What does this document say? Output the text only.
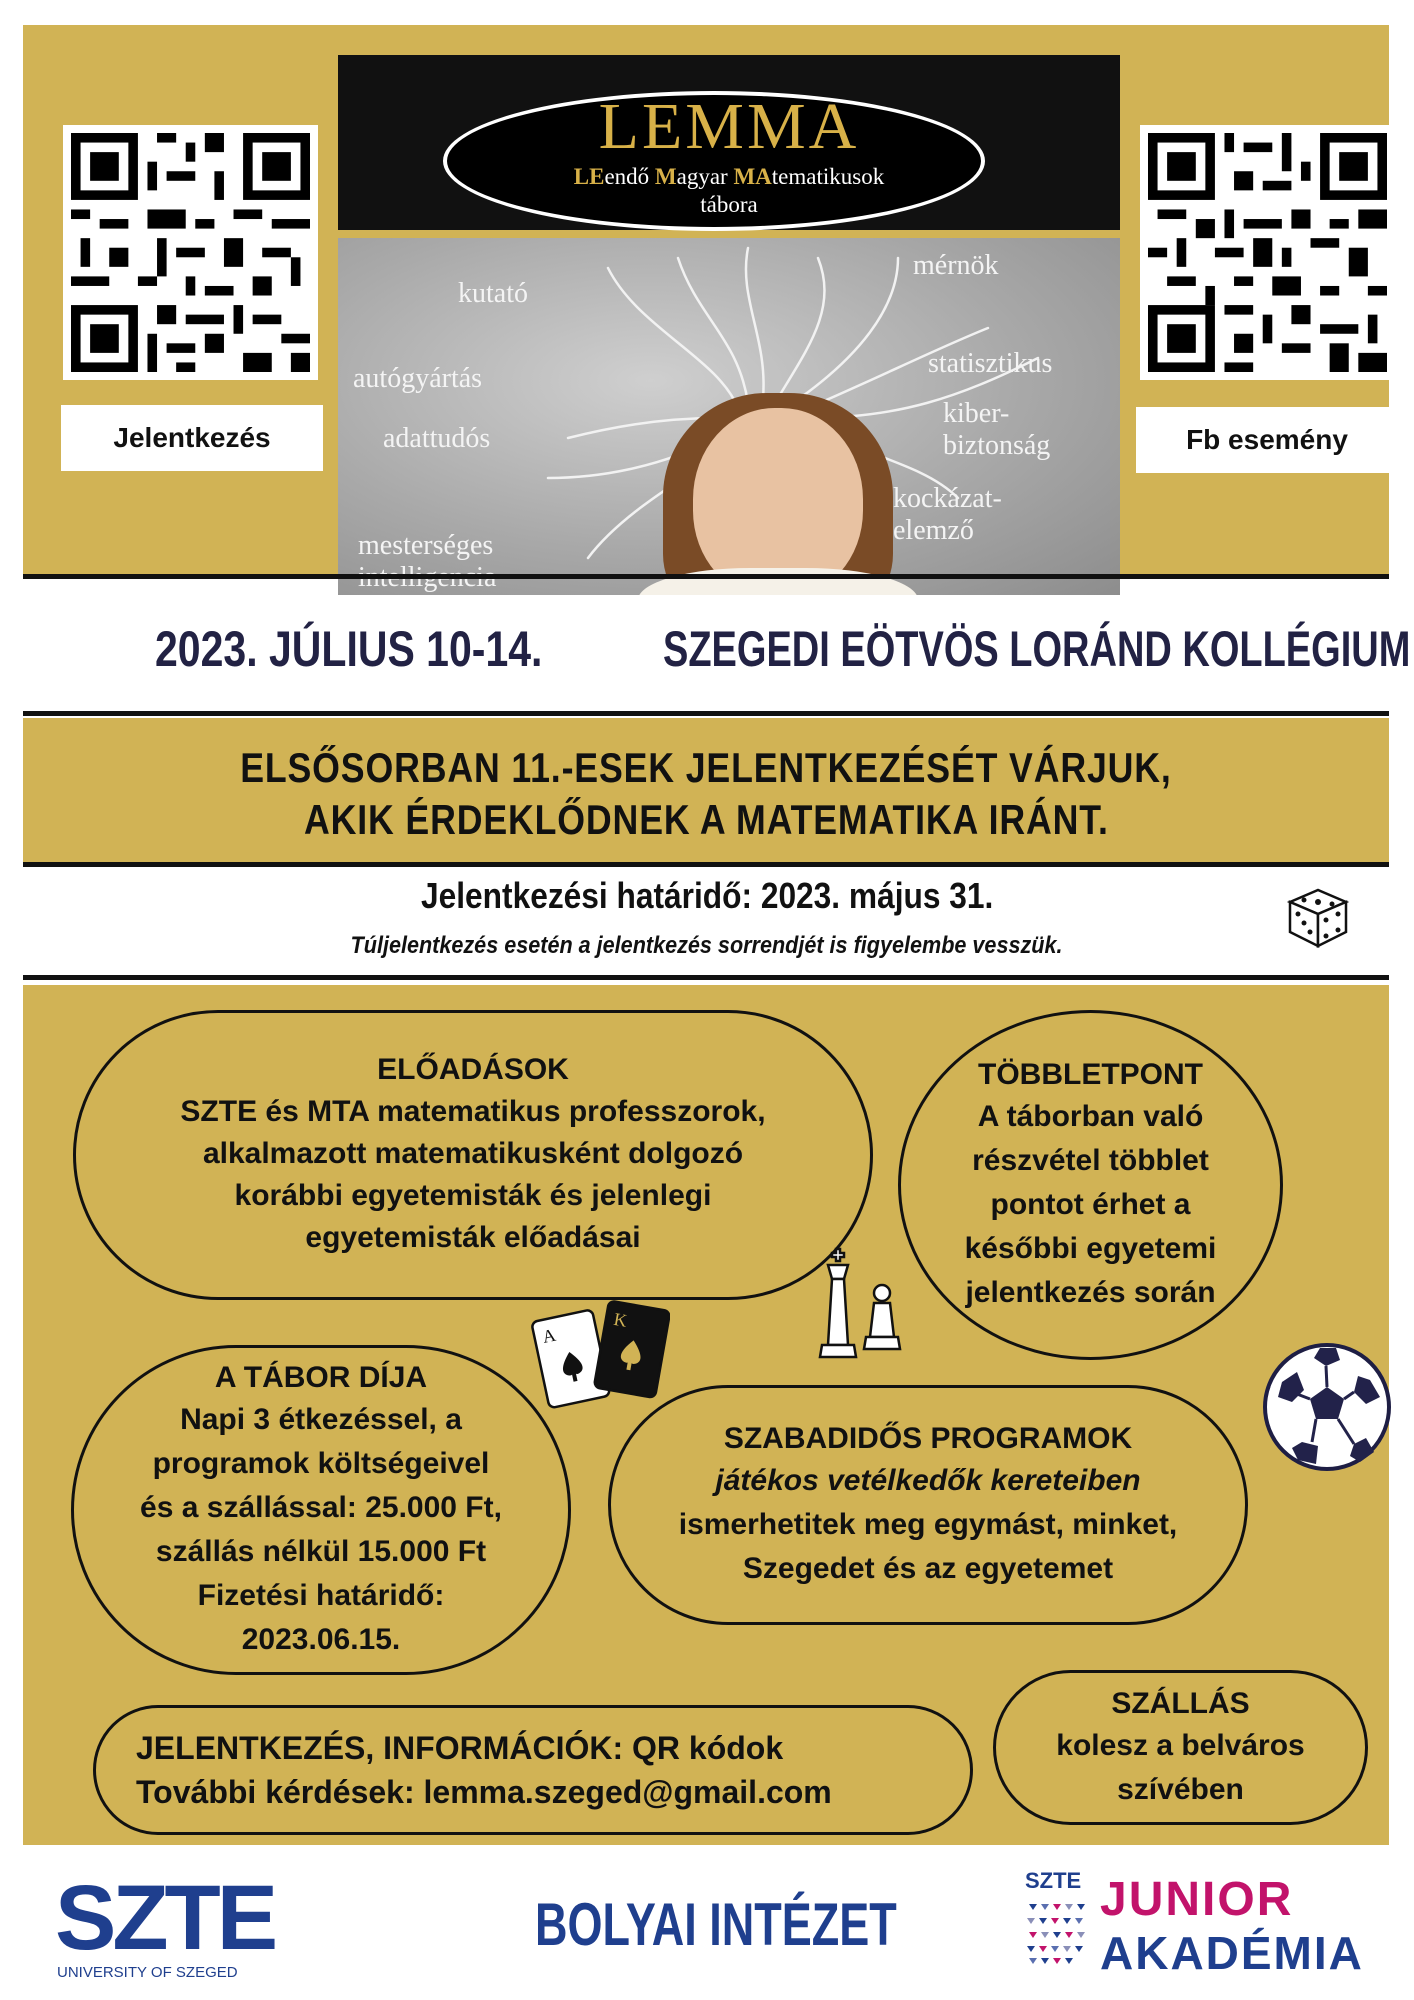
Jelentkezés	Fb esemény
LEMMA
LEendő Magyar MAtematikusok
tábora
kutató
mérnök
autógyártás	statisztikus
kiber-
biztonság
adattudós
kockázat-
elemző
mesterséges
2023. JÚLIUS 10-14. SZEGEDI EÖTVÖS LORÁND KOLLÉGIUM
ELSŐSORBAN 11.-ESEK JELENTKEZÉSÉT VÁRJUK,
AKIK ÉRDEKLŐDNEK A MATEMATIKA IRÁNT.
Jelentkezési határidő: 2023. május 31.
Túljelentkezés esetén a jelentkezés sorrendjét is figyelembe vesszük.
ELŐADÁSOK

SZTE és MTA matematikus professzorok,

alkalmazott matematikusként dolgozó

korábbi egyetemisták és jelenlegi

egyetemisták előadásai

TÖBBLETPONT

A táborban való

részvétel többlet

pontot érhet a

későbbi egyetemi

jelentkezés során

A TÁBOR DÍJA

Napi 3 étkezéssel, a

programok költségeivel

és a szállással: 25.000 Ft,

szállás nélkül 15.000 Ft

Fizetési határidő:

2023.06.15.

SZABADIDŐS PROGRAMOK

játékos vetélkedők kereteiben

ismerhetitek meg egymást, minket,

Szegedet és az egyetemet

JELENTKEZÉS, INFORMÁCIÓK: QR kódok

További kérdések: lemma.szeged@gmail.com

SZÁLLÁS

kolesz a belváros

szívében

A
K
SZTE
UNIVERSITY OF SZEGED
BOLYAI INTÉZET
SZTE JUNIOR
AKADÉMIA
